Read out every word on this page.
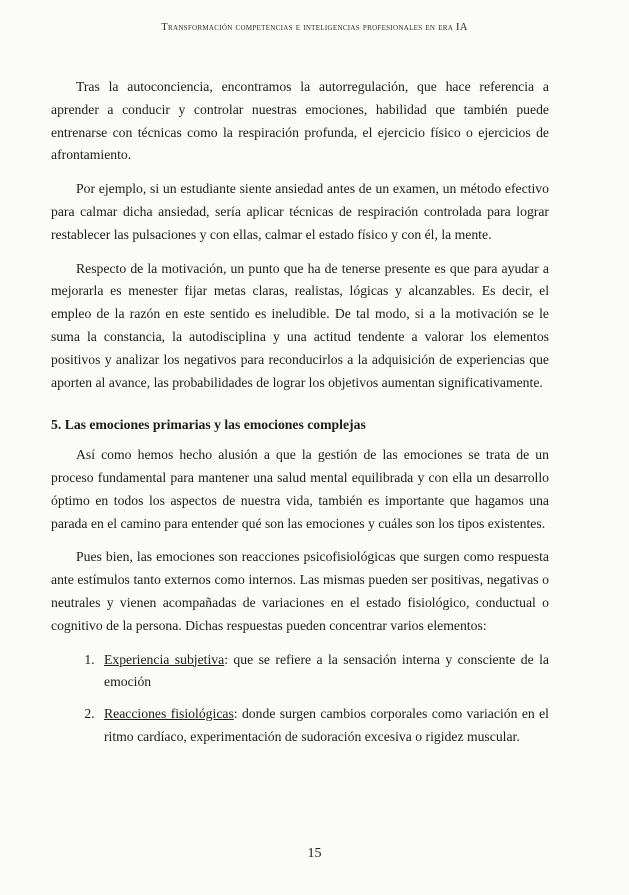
Transformación competencias e inteligencias profesionales en era IA

Tras la autoconciencia, encontramos la autorregulación, que hace referencia a aprender a conducir y controlar nuestras emociones, habilidad que también puede entrenarse con técnicas como la respiración profunda, el ejercicio físico o ejercicios de afrontamiento.

Por ejemplo, si un estudiante siente ansiedad antes de un examen, un método efectivo para calmar dicha ansiedad, sería aplicar técnicas de respiración controlada para lograr restablecer las pulsaciones y con ellas, calmar el estado físico y con él, la mente.

Respecto de la motivación, un punto que ha de tenerse presente es que para ayudar a mejorarla es menester fijar metas claras, realistas, lógicas y alcanzables. Es decir, el empleo de la razón en este sentido es ineludible. De tal modo, si a la motivación se le suma la constancia, la autodisciplina y una actitud tendente a valorar los elementos positivos y analizar los negativos para reconducirlos a la adquisición de experiencias que aporten al avance, las probabilidades de lograr los objetivos aumentan significativamente.

5. Las emociones primarias y las emociones complejas

Así como hemos hecho alusión a que la gestión de las emociones se trata de un proceso fundamental para mantener una salud mental equilibrada y con ella un desarrollo óptimo en todos los aspectos de nuestra vida, también es importante que hagamos una parada en el camino para entender qué son las emociones y cuáles son los tipos existentes.

Pues bien, las emociones son reacciones psicofisiológicas que surgen como respuesta ante estímulos tanto externos como internos. Las mismas pueden ser positivas, negativas o neutrales y vienen acompañadas de variaciones en el estado fisiológico, conductual o cognitivo de la persona. Dichas respuestas pueden concentrar varios elementos:

1. Experiencia subjetiva: que se refiere a la sensación interna y consciente de la emoción
2. Reacciones fisiológicas: donde surgen cambios corporales como variación en el ritmo cardíaco, experimentación de sudoración excesiva o rigidez muscular.
15
